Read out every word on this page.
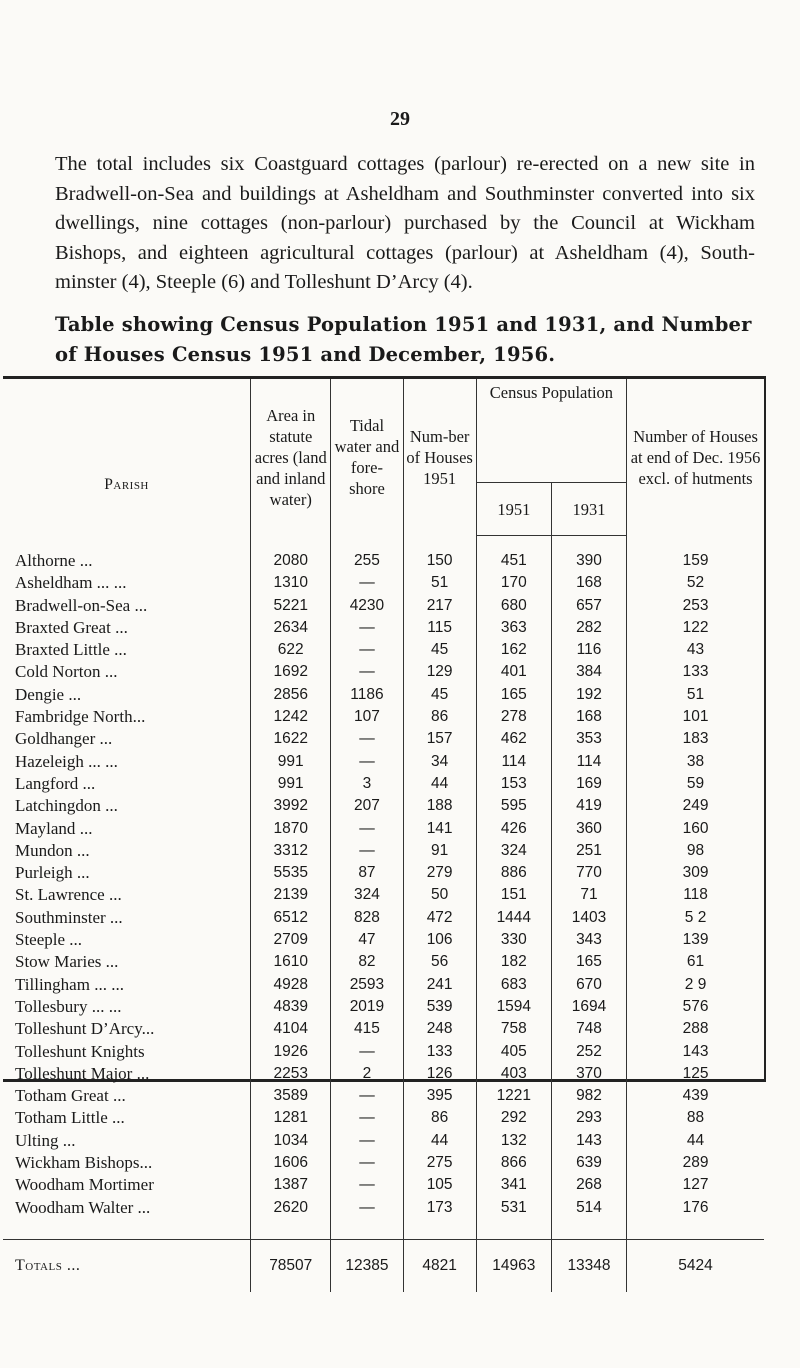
29

The total includes six Coastguard cottages (parlour) re-erected on a new site in Bradwell-on-Sea and buildings at Asheldham and Southminster converted into six dwellings, nine cottages (non-parlour) purchased by the Council at Wickham Bishops, and eighteen agricultural cottages (parlour) at Asheldham (4), South-minster (4), Steeple (6) and Tolleshunt D’Arcy (4).

Table showing Census Population 1951 and 1931, and Number of Houses Census 1951 and December, 1956.

Parish	Area in statute acres (land and inland water)	Tidal water and fore-shore	Num-ber of Houses 1951	Census Population		Number of Houses at end of Dec. 1956 excl. of hutments
				1951	1931	

Althorne ...	2080	255	150	451	390	159
Asheldham ... ...	1310	—	51	170	168	52
Bradwell-on-Sea ...	5221	4230	217	680	657	253
Braxted Great ...	2634	—	115	363	282	122
Braxted Little ...	622	—	45	162	116	43
Cold Norton ...	1692	—	129	401	384	133
Dengie ...	2856	1186	45	165	192	51
Fambridge North...	1242	107	86	278	168	101
Goldhanger ...	1622	—	157	462	353	183
Hazeleigh ... ...	991	—	34	114	114	38
Langford ...	991	3	44	153	169	59
Latchingdon ...	3992	207	188	595	419	249
Mayland ...	1870	—	141	426	360	160
Mundon ...	3312	—	91	324	251	98
Purleigh ...	5535	87	279	886	770	309
St. Lawrence ...	2139	324	50	151	71	118
Southminster ...	6512	828	472	1444	1403	5 2
Steeple ...	2709	47	106	330	343	139
Stow Maries ...	1610	82	56	182	165	61
Tillingham ... ...	4928	2593	241	683	670	2 9
Tollesbury ... ...	4839	2019	539	1594	1694	576
Tolleshunt D’Arcy...	4104	415	248	758	748	288
Tolleshunt Knights	1926	—	133	405	252	143
Tolleshunt Major ...	2253	2	126	403	370	125
Totham Great ...	3589	—	395	1221	982	439
Totham Little ...	1281	—	86	292	293	88
Ulting ...	1034	—	44	132	143	44
Wickham Bishops...	1606	—	275	866	639	289
Woodham Mortimer	1387	—	105	341	268	127
Woodham Walter ...	2620	—	173	531	514	176

Totals ...	78507	12385	4821	14963	13348	5424
